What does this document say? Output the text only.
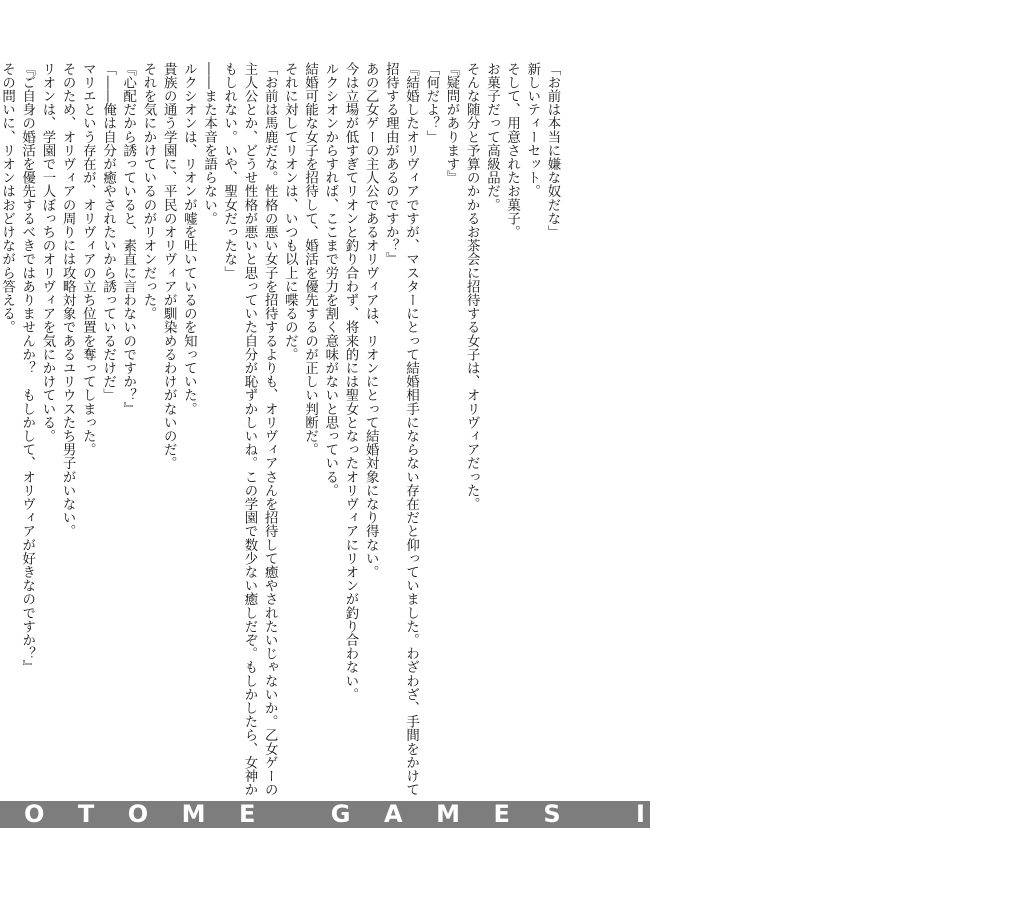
「お前は本当に嫌な奴だな」
新しいティーセット。
そして、用意されたお菓子。
お菓子だって高級品だ。
そんな随分と予算のかかるお茶会に招待する女子は、オリヴィアだった。
『疑問があります』
「何だよ？」
『結婚したオリヴィアですが、マスターにとって結婚相手にならない存在だと仰っていました。わざわざ、手間をかけて
招待する理由があるのですか？』
あの乙女ゲーの主人公であるオリヴィアは、リオンにとって結婚対象になり得ない。
今は立場が低すぎてリオンと釣り合わず、将来的には聖女となったオリヴィアにリオンが釣り合わない。
ルクシオンからすれば、ここまで労力を割く意味がないと思っている。
結婚可能な女子を招待して、婚活を優先するのが正しい判断だ。
それに対してリオンは、いつも以上に喋るのだ。
「お前は馬鹿だな。性格の悪い女子を招待するよりも、オリヴィアさんを招待して癒やされたいじゃないか。乙女ゲーの
主人公とか、どうせ性格が悪いと思っていた自分が恥ずかしいね。この学園で数少ない癒しだぞ。もしかしたら、女神か
もしれない。いや、聖女だったな」
――また本音を語らない。
ルクシオンは、リオンが嘘を吐いているのを知っていた。
貴族の通う学園に、平民のオリヴィアが馴染めるわけがないのだ。
それを気にかけているのがリオンだった。
『心配だから誘っていると、素直に言わないのですか？』
「――俺は自分が癒やされたいから誘っているだけだ」
マリエという存在が、オリヴィアの立ち位置を奪ってしまった。
そのため、オリヴィアの周りには攻略対象であるユリウスたち男子がいない。
リオンは、学園で一人ぼっちのオリヴィアを気にかけている。
『ご自身の婚活を優先するべきではありませんか？　もしかして、オリヴィアが好きなのですか？』
その問いに、リオンはおどけながら答える。
OTOME GAMES IS A TOU
